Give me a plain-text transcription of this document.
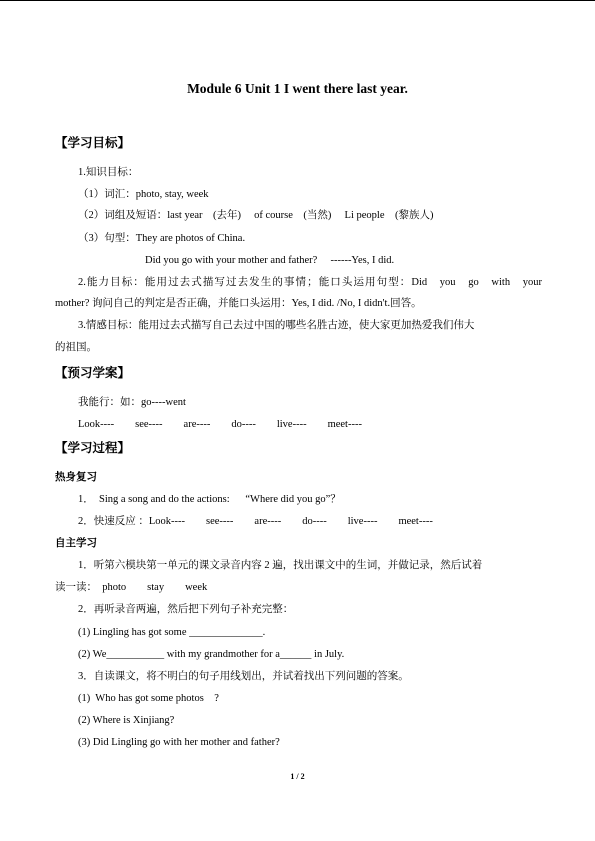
Module 6 Unit 1 I went there last year.
【学习目标】
1.知识目标：
（1）词汇：photo, stay, week
（2）词组及短语：last year　(去年)　 of course　(当然)　 Li people　(黎族人)
（3）句型：They are photos of China.
Did you go with your mother and father?　 ------Yes, I did.
2.能力目标：能用过去式描写过去发生的事情；能口头运用句型：Did　you　go　with　your
mother? 询问自己的判定是否正确，并能口头运用：Yes, I did. /No, I didn't.回答。
3.情感目标：能用过去式描写自己去过中国的哪些名胜古迹，使大家更加热爱我们伟大
的祖国。
【预习学案】
我能行：如：go----went
Look----　　see----　　are----　　do----　　live----　　meet----
【学习过程】
热身复习
1．  Sing a song and do the actions:　  “Where did you go”？
2．快速反应 ：Look----　　see----　　are----　　do----　　live----　　meet----
自主学习
1．听第六模块第一单元的课文录音内容 2 遍，找出课文中的生词，并做记录，然后试着
读一读：　photo　　stay　　week
2．再听录音两遍，然后把下列句子补充完整：
(1) Lingling has got some ______________.
(2) We___________ with my grandmother for a______ in July.
3．自读课文，将不明白的句子用线划出，并试着找出下列问题的答案。
(1)  Who has got some photos　?
(2) Where is Xinjiang?
(3) Did Lingling go with her mother and father?
1 / 2
